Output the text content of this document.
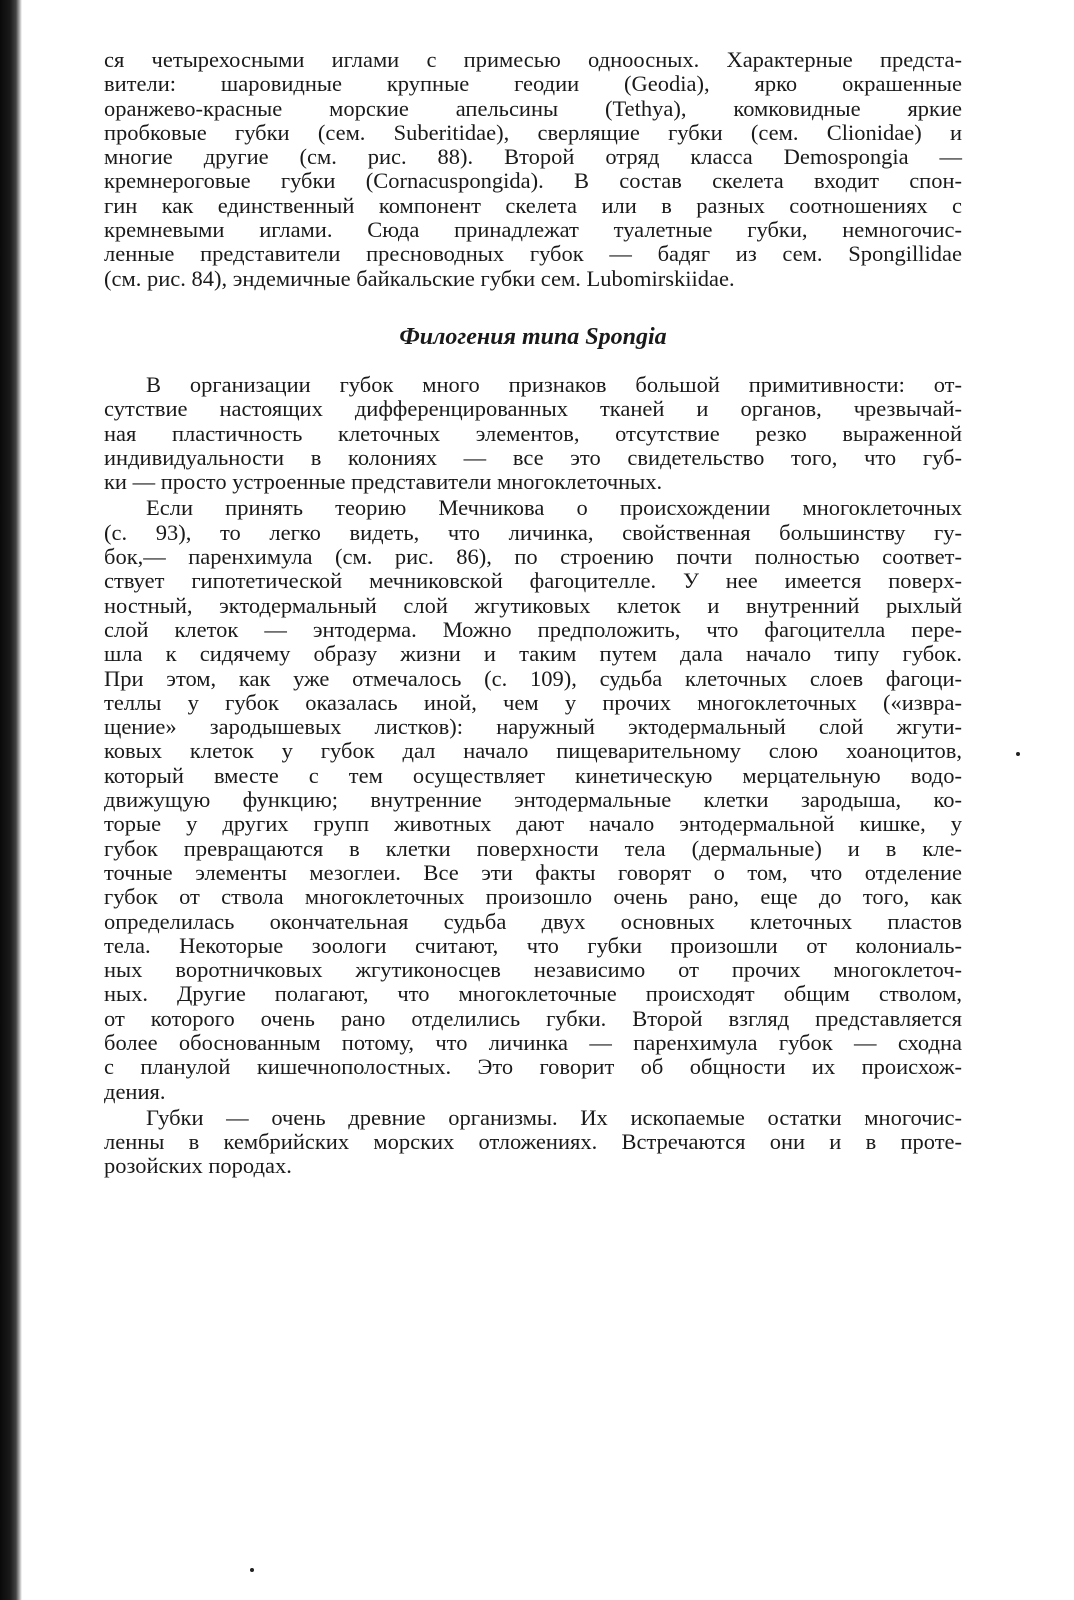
ся четырехосными иглами с примесью одноосных. Характерные предста-
вители: шаровидные крупные геодии (Geodia), ярко окрашенные
оранжево-красные морские апельсины (Tethya), комковидные яркие
пробковые губки (сем. Suberitidae), сверлящие губки (сем. Clionidae) и
многие другие (см. рис. 88). Второй отряд класса Demospongia —
кремнероговые губки (Cornacuspongida). В состав скелета входит спон-
гин как единственный компонент скелета или в разных соотношениях с
кремневыми иглами. Сюда принадлежат туалетные губки, немногочис-
ленные представители пресноводных губок — бадяг из сем. Spongillidae
(см. рис. 84), эндемичные байкальские губки сем. Lubomirskiidae.
Филогения типа Spongia
В организации губок много признаков большой примитивности: от-
сутствие настоящих дифференцированных тканей и органов, чрезвычай-
ная пластичность клеточных элементов, отсутствие резко выраженной
индивидуальности в колониях — все это свидетельство того, что губ-
ки — просто устроенные представители многоклеточных.
Если принять теорию Мечникова о происхождении многоклеточных
(с. 93), то легко видеть, что личинка, свойственная большинству гу-
бок,— паренхимула (см. рис. 86), по строению почти полностью соответ-
ствует гипотетической мечниковской фагоцителле. У нее имеется поверх-
ностный, эктодермальный слой жгутиковых клеток и внутренний рыхлый
слой клеток — энтодерма. Можно предположить, что фагоцителла пере-
шла к сидячему образу жизни и таким путем дала начало типу губок.
При этом, как уже отмечалось (с. 109), судьба клеточных слоев фагоци-
теллы у губок оказалась иной, чем у прочих многоклеточных («извра-
щение» зародышевых листков): наружный эктодермальный слой жгути-
ковых клеток у губок дал начало пищеварительному слою хоаноцитов,
который вместе с тем осуществляет кинетическую мерцательную водо-
движущую функцию; внутренние энтодермальные клетки зародыша, ко-
торые у других групп животных дают начало энтодермальной кишке, у
губок превращаются в клетки поверхности тела (дермальные) и в кле-
точные элементы мезоглеи. Все эти факты говорят о том, что отделение
губок от ствола многоклеточных произошло очень рано, еще до того, как
определилась окончательная судьба двух основных клеточных пластов
тела. Некоторые зоологи считают, что губки произошли от колониаль-
ных воротничковых жгутиконосцев независимо от прочих многоклеточ-
ных. Другие полагают, что многоклеточные происходят общим стволом,
от которого очень рано отделились губки. Второй взгляд представляется
более обоснованным потому, что личинка — паренхимула губок — сходна
с планулой кишечнополостных. Это говорит об общности их происхож-
дения.
Губки — очень древние организмы. Их ископаемые остатки многочис-
ленны в кембрийских морских отложениях. Встречаются они и в проте-
розойских породах.
